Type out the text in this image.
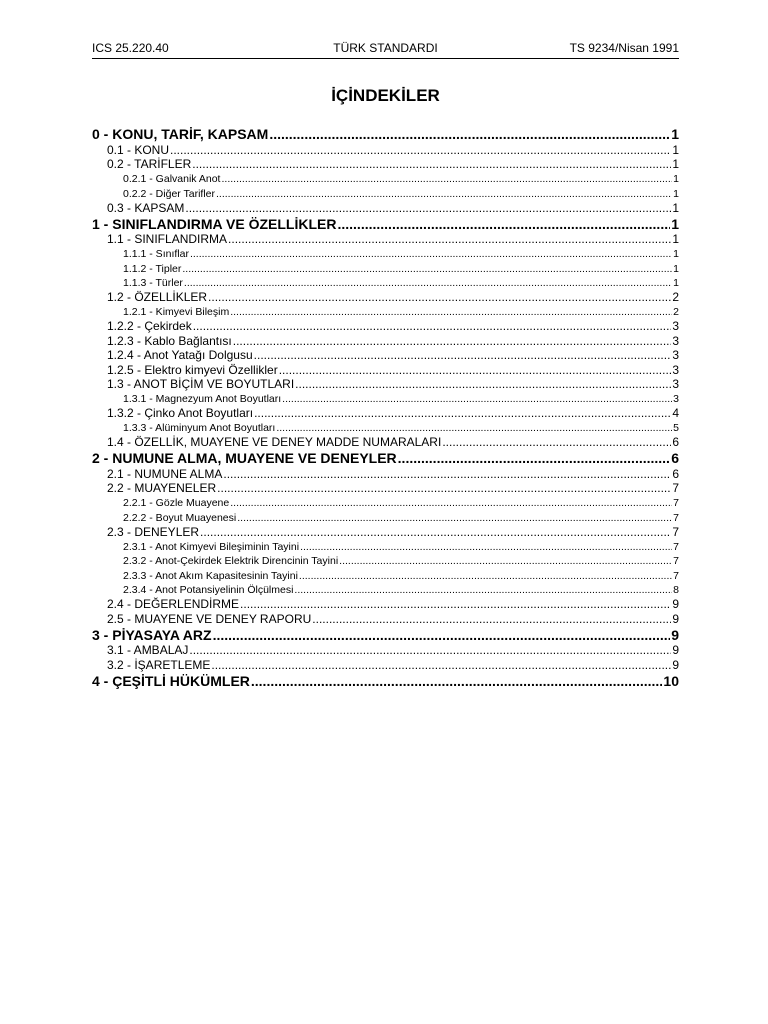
ICS 25.220.40	TÜRK STANDARDI	TS 9234/Nisan 1991
İÇİNDEKİLER
0 - KONU, TARİF, KAPSAM .....	1
0.1 - KONU .....	1
0.2 - TARİFLER .....	1
0.2.1 - Galvanik Anot .....	1
0.2.2 - Diğer Tarifler .....	1
0.3 - KAPSAM .....	1
1 - SINIFLANDIRMA VE ÖZELLİKLER .....	1
1.1 - SINIFLANDIRMA .....	1
1.1.1 - Sınıflar .....	1
1.1.2 - Tipler .....	1
1.1.3 - Türler .....	1
1.2 - ÖZELLİKLER .....	2
1.2.1 - Kimyevi Bileşim .....	2
1.2.2 - Çekirdek .....	3
1.2.3 - Kablo Bağlantısı .....	3
1.2.4 - Anot Yatağı Dolgusu .....	3
1.2.5 - Elektro kimyevi Özellikler .....	3
1.3 - ANOT BİÇİM VE BOYUTLARI .....	3
1.3.1 - Magnezyum Anot Boyutları .....	3
1.3.2 - Çinko Anot Boyutları .....	4
1.3.3 - Alüminyum Anot Boyutları .....	5
1.4 - ÖZELLİK, MUAYENE VE DENEY MADDE NUMARALARI .....	6
2 - NUMUNE ALMA, MUAYENE VE DENEYLER .....	6
2.1 - NUMUNE ALMA .....	6
2.2 - MUAYENELER .....	7
2.2.1 - Gözle Muayene .....	7
2.2.2 - Boyut Muayenesi .....	7
2.3 - DENEYLER .....	7
2.3.1 - Anot Kimyevi Bileşiminin Tayini .....	7
2.3.2 - Anot-Çekirdek Elektrik Direncinin Tayini .....	7
2.3.3 - Anot Akım Kapasitesinin Tayini .....	7
2.3.4 - Anot Potansiyelinin Ölçülmesi .....	8
2.4 - DEĞERLENDİRME .....	9
2.5 - MUAYENE VE DENEY RAPORU .....	9
3 - PİYASAYA ARZ .....	9
3.1 - AMBALAJ .....	9
3.2 - İŞARETLEME .....	9
4 - ÇEŞİTLİ HÜKÜMLER .....	10
